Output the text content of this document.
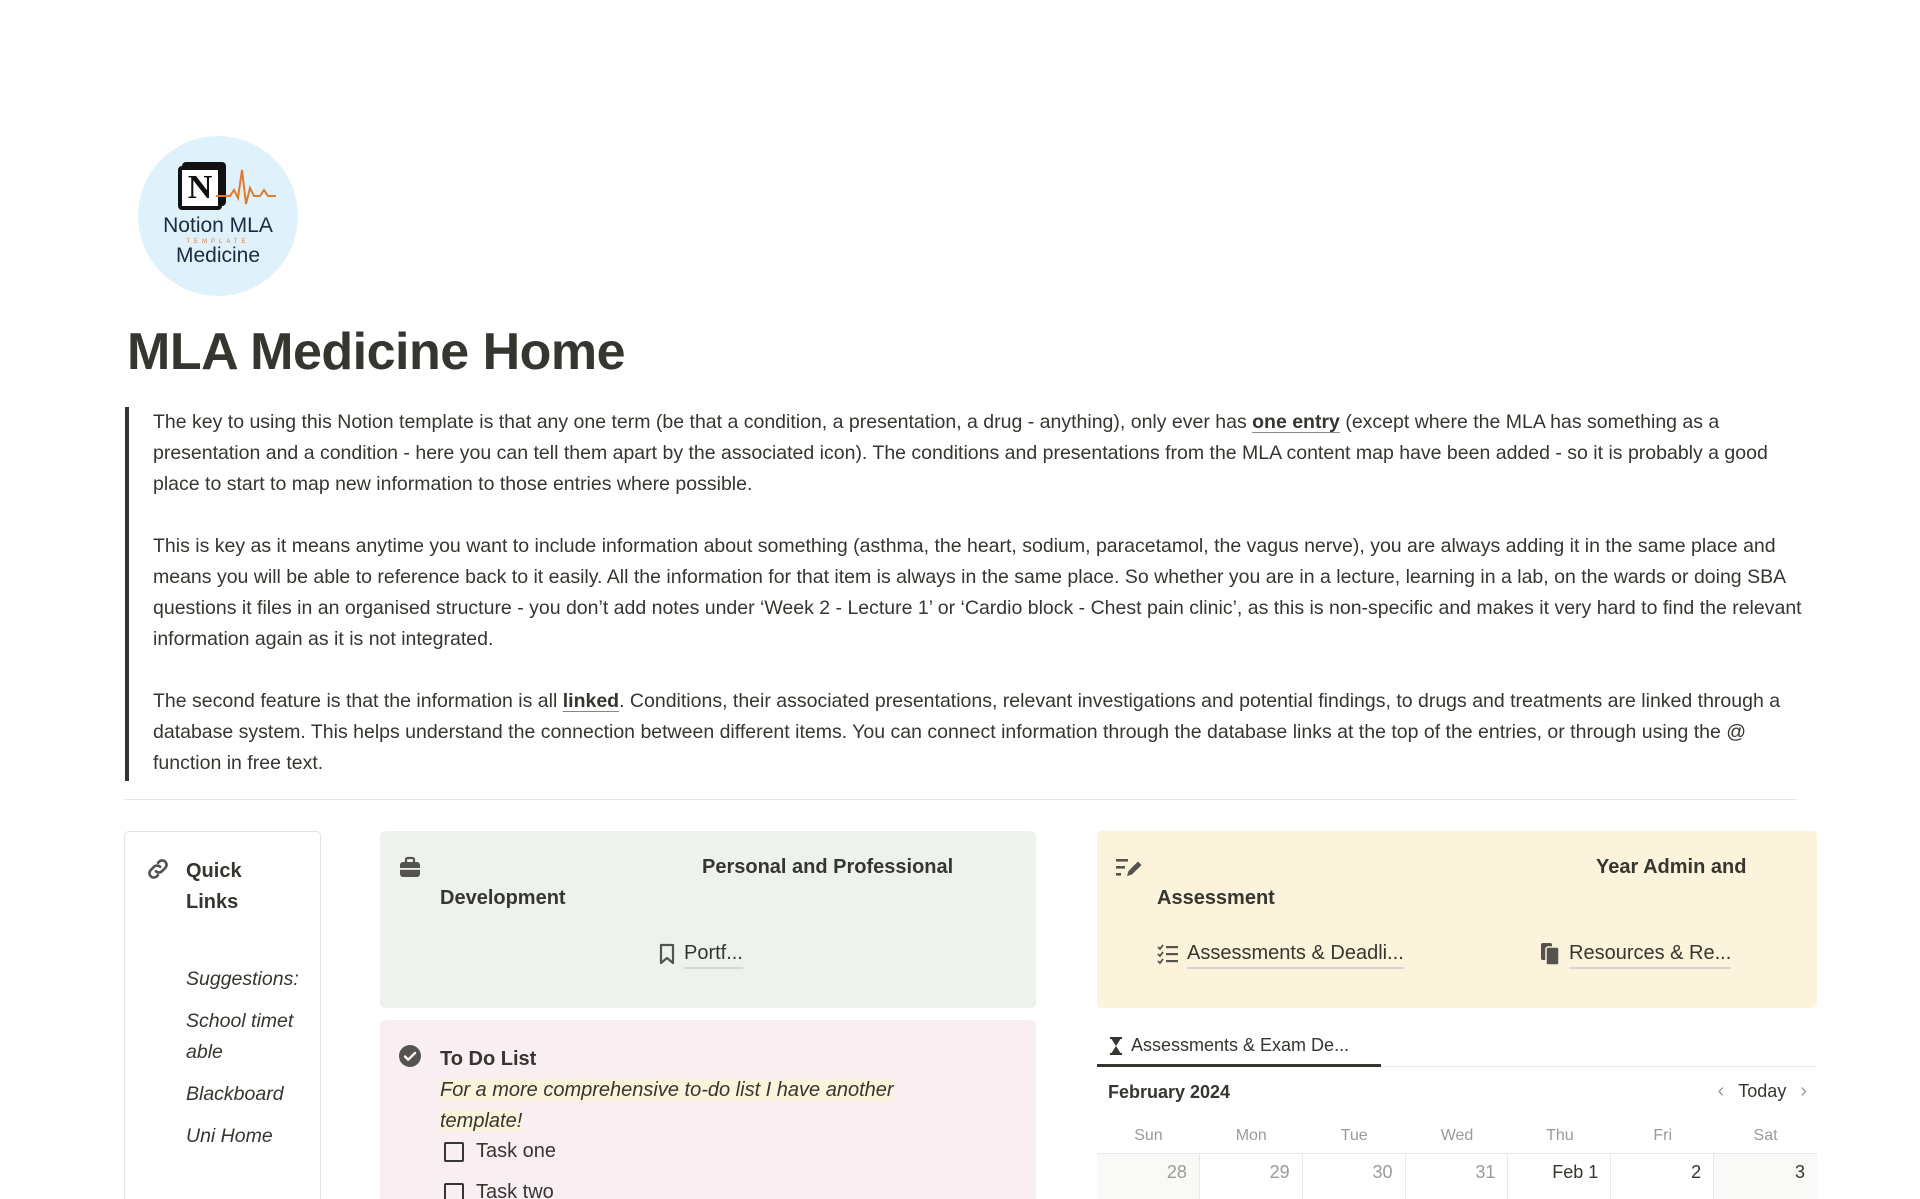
N
Notion MLA
TEMPLATE
Medicine
MLA Medicine Home

The key to using this Notion template is that any one term (be that a condition, a presentation, a drug - anything), only ever has one entry (except where the MLA has something as a presentation and a condition - here you can tell them apart by the associated icon). The conditions and presentations from the MLA content map have been added - so it is probably a good place to start to map new information to those entries where possible.

This is key as it means anytime you want to include information about something (asthma, the heart, sodium, paracetamol, the vagus nerve), you are always adding it in the same place and means you will be able to reference back to it easily. All the information for that item is always in the same place. So whether you are in a lecture, learning in a lab, on the wards or doing SBA questions it files in an organised structure - you don’t add notes under ‘Week 2 - Lecture 1’ or ‘Cardio block - Chest pain clinic’, as this is non-specific and makes it very hard to find the relevant information again as it is not integrated.

The second feature is that the information is all linked. Conditions, their associated presentations, relevant investigations and potential findings, to drugs and treatments are linked through a database system. This helps understand the connection between different items. You can connect information through the database links at the top of the entries, or through using the @ function in free text.

Quick Links
Suggestions:
School timetable
Blackboard
Uni Home
Personal and Professional
Development
Portf...
To Do List
For a more comprehensive to-do list I have another template!
Task one
Task two
Year Admin and
Assessment
Assessments & Deadli...	Resources & Re...
Assessments & Exam De...
February 2024	‹ Today ›
Sun	Mon	Tue	Wed	Thu	Fri	Sat
28	29	30	31	Feb 1	2	3
